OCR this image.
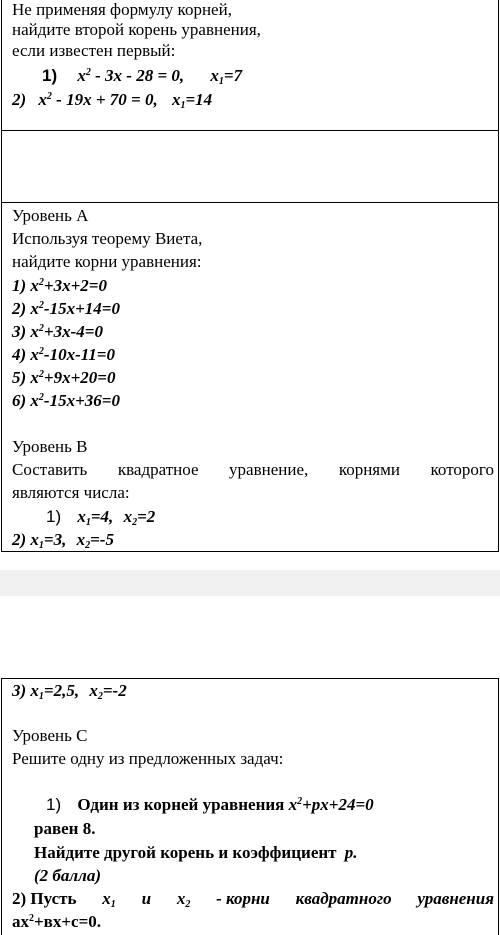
Не применяя формулу корней,
найдите второй корень уравнения,
если известен первый:
1) $x^2 - 3x - 28 = 0$, $x_1=7$
2) $x^2 - 19x + 70 = 0$, $x_1=14$
Уровень А
Используя теорему Виета,
найдите корни уравнения:
1) $x^2+3x+2=0$
2) $x^2-15x+14=0$
3) $x^2+3x-4=0$
4) $x^2-10x-11=0$
5) $x^2+9x+20=0$
6) $x^2-15x+36=0$
Уровень В
Составить квадратное уравнение, корнями которого
являются числа:
1) $x_1=4$, $x_2=2$
2) $x_1=3$, $x_2=-5$
3) $x_1=2,5$, $x_2=-2$
Уровень С
Решите одну из предложенных задач:
1) Один из корней уравнения $x^2+px+24=0$
равен 8.
Найдите другой корень и коэффициент p.
(2 балла)
2) Пусть $x_1$ и $x_2$ - корни квадратного уравнения
$ax^2+вх+с=0$.
